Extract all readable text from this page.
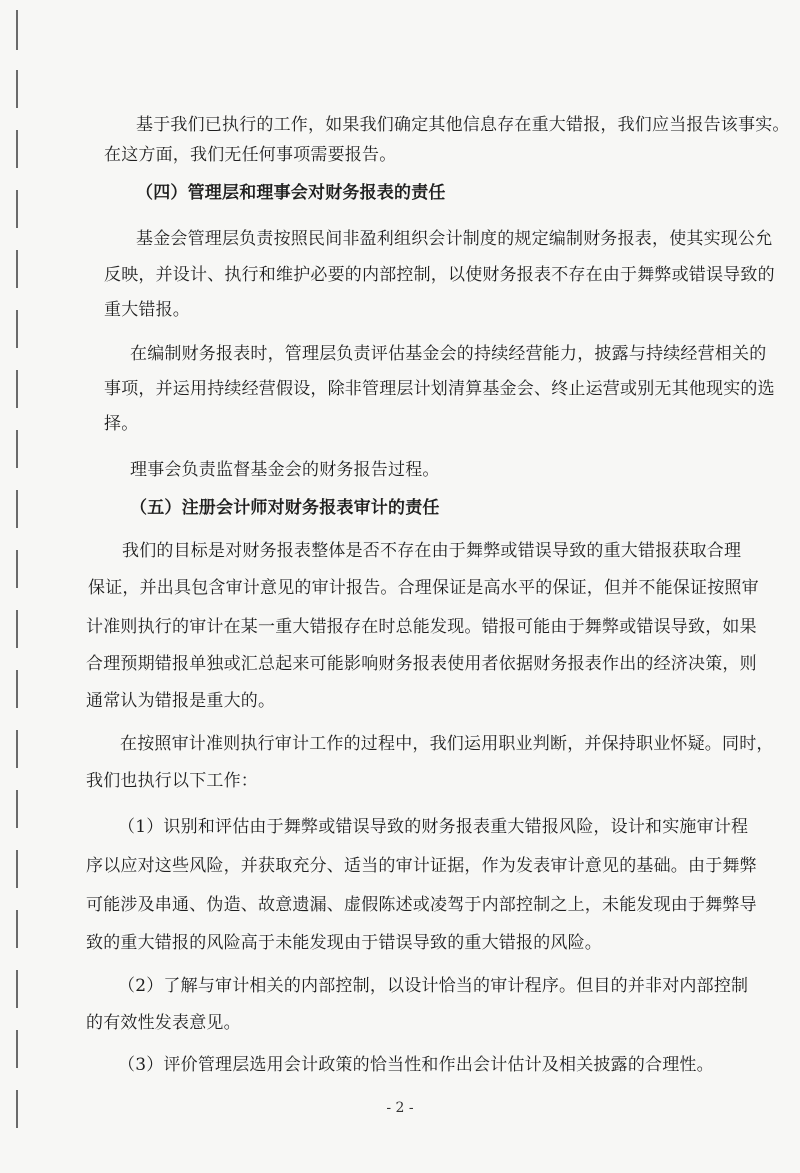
基于我们已执行的工作，如果我们确定其他信息存在重大错报，我们应当报告该事实。
在这方面，我们无任何事项需要报告。
（四）管理层和理事会对财务报表的责任
基金会管理层负责按照民间非盈利组织会计制度的规定编制财务报表，使其实现公允
反映，并设计、执行和维护必要的内部控制，以使财务报表不存在由于舞弊或错误导致的
重大错报。
在编制财务报表时，管理层负责评估基金会的持续经营能力，披露与持续经营相关的
事项，并运用持续经营假设，除非管理层计划清算基金会、终止运营或别无其他现实的选
择。
理事会负责监督基金会的财务报告过程。
（五）注册会计师对财务报表审计的责任
我们的目标是对财务报表整体是否不存在由于舞弊或错误导致的重大错报获取合理
保证，并出具包含审计意见的审计报告。合理保证是高水平的保证，但并不能保证按照审
计准则执行的审计在某一重大错报存在时总能发现。错报可能由于舞弊或错误导致，如果
合理预期错报单独或汇总起来可能影响财务报表使用者依据财务报表作出的经济决策，则
通常认为错报是重大的。
在按照审计准则执行审计工作的过程中，我们运用职业判断，并保持职业怀疑。同时，
我们也执行以下工作：
（1）识别和评估由于舞弊或错误导致的财务报表重大错报风险，设计和实施审计程
序以应对这些风险，并获取充分、适当的审计证据，作为发表审计意见的基础。由于舞弊
可能涉及串通、伪造、故意遗漏、虚假陈述或凌驾于内部控制之上，未能发现由于舞弊导
致的重大错报的风险高于未能发现由于错误导致的重大错报的风险。
（2）了解与审计相关的内部控制，以设计恰当的审计程序。但目的并非对内部控制
的有效性发表意见。
（3）评价管理层选用会计政策的恰当性和作出会计估计及相关披露的合理性。
- 2 -
